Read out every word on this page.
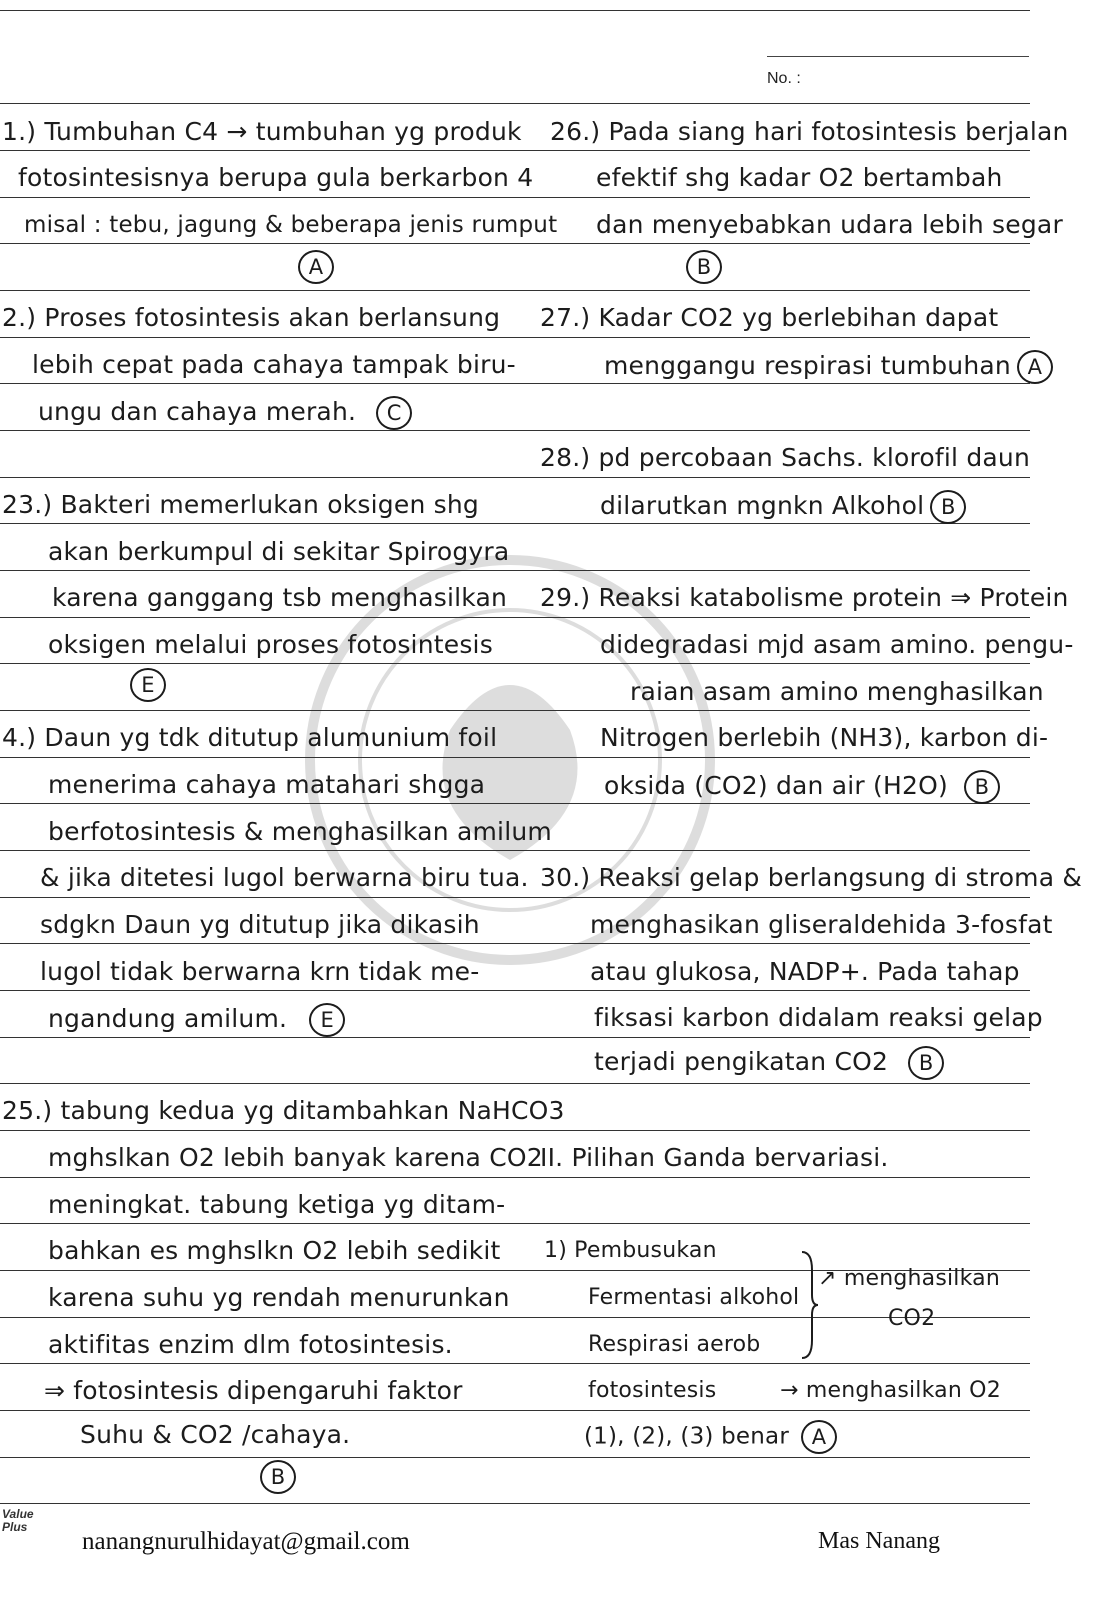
No. :
1.) Tumbuhan C4 → tumbuhan yg produk
fotosintesisnya berupa gula berkarbon 4
misal : tebu, jagung & beberapa jenis rumput
A
2.) Proses fotosintesis akan berlansung
lebih cepat pada cahaya tampak biru-
ungu dan cahaya merah. C
23.) Bakteri memerlukan oksigen shg
akan berkumpul di sekitar Spirogyra
karena ganggang tsb menghasilkan
oksigen melalui proses fotosintesis
E
4.) Daun yg tdk ditutup alumunium foil
menerima cahaya matahari shgga
berfotosintesis & menghasilkan amilum
& jika ditetesi lugol berwarna biru tua.
sdgkn Daun yg ditutup jika dikasih
lugol tidak berwarna krn tidak me-
ngandung amilum. E
25.) tabung kedua yg ditambahkan NaHCO3
mghslkan O2 lebih banyak karena CO2
meningkat. tabung ketiga yg ditam-
bahkan es mghslkn O2 lebih sedikit
karena suhu yg rendah menurunkan
aktifitas enzim dlm fotosintesis.
⇒ fotosintesis dipengaruhi faktor
Suhu & CO2 /cahaya.
B
26.) Pada siang hari fotosintesis berjalan
efektif shg kadar O2 bertambah
dan menyebabkan udara lebih segar
B
27.) Kadar CO2 yg berlebihan dapat
menggangu respirasi tumbuhan A
28.) pd percobaan Sachs. klorofil daun
dilarutkan mgnkn Alkohol B
29.) Reaksi katabolisme protein ⇒ Protein
didegradasi mjd asam amino. pengu-
raian asam amino menghasilkan
Nitrogen berlebih (NH3), karbon di-
oksida (CO2) dan air (H2O) B
30.) Reaksi gelap berlangsung di stroma &
menghasikan gliseraldehida 3-fosfat
atau glukosa, NADP+. Pada tahap
fiksasi karbon didalam reaksi gelap
terjadi pengikatan CO2 B
II. Pilihan Ganda bervariasi.
1) Pembusukan
Fermentasi alkohol
Respirasi aerob
fotosintesis
↗ menghasilkan
CO2
→ menghasilkan O2
(1), (2), (3) benar A
Value Plus
nanangnurulhidayat@gmail.com	Mas Nanang
